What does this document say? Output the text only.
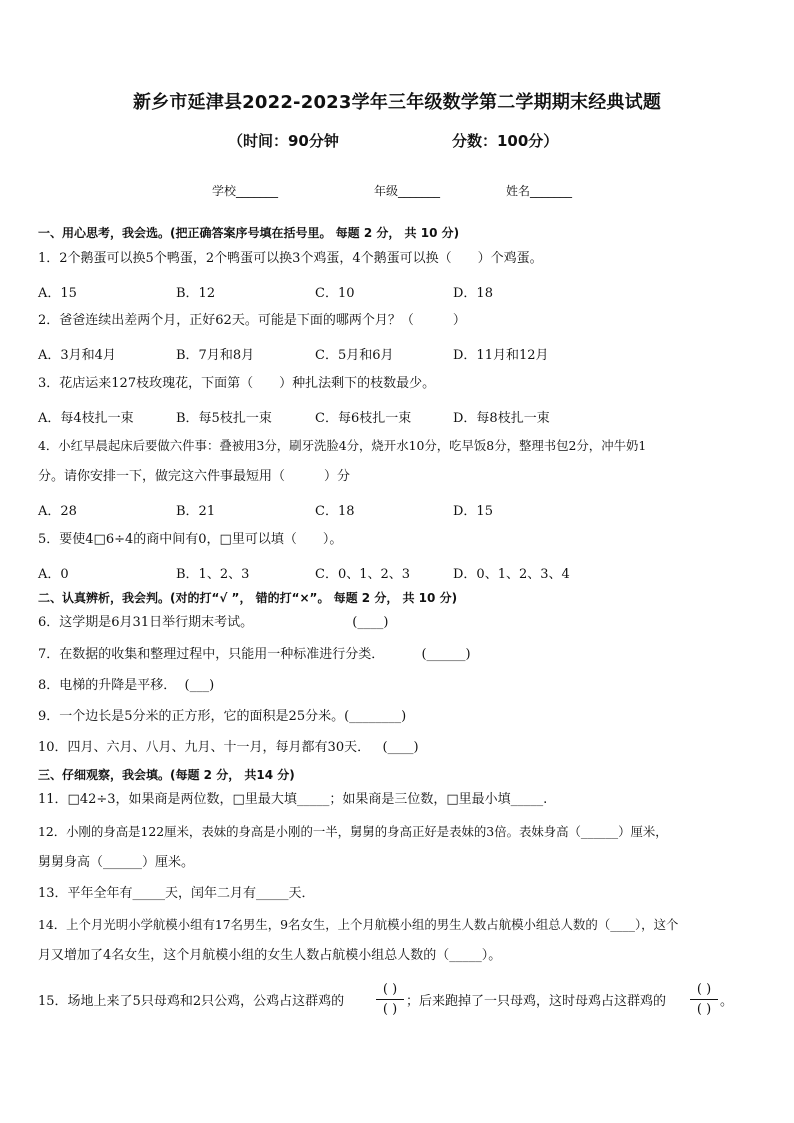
新乡市延津县2022-2023学年三年级数学第二学期期末经典试题
（时间：90分钟	分数：100分）
学校_______	年级_______	姓名_______
一、用心思考，我会选。(把正确答案序号填在括号里。 每题 2 分， 共 10 分)
1．2个鹅蛋可以换5个鸭蛋，2个鸭蛋可以换3个鸡蛋，4个鹅蛋可以换（　　）个鸡蛋。
A．15	B．12	C．10	D．18
2．爸爸连续出差两个月，正好62天。可能是下面的哪两个月？（　　　）
A．3月和4月	B．7月和8月	C．5月和6月	D．11月和12月
3．花店运来127枝玫瑰花，下面第（　　）种扎法剩下的枝数最少。
A．每4枝扎一束	B．每5枝扎一束	C．每6枝扎一束	D．每8枝扎一束
4．小红早晨起床后要做六件事：叠被用3分，刷牙洗脸4分，烧开水10分，吃早饭8分，整理书包2分，冲牛奶1
分。请你安排一下，做完这六件事最短用（　　　）分
A．28	B．21	C．18	D．15
5．要使4□6÷4的商中间有0，□里可以填（　　）。
A．0	B．1、2、3	C．0、1、2、3	D．0、1、2、3、4
二、认真辨析，我会判。(对的打“√ ”， 错的打“×”。 每题 2 分， 共 10 分)
6．这学期是6月31日举行期末考试。                        (____)
7．在数据的收集和整理过程中，只能用一种标准进行分类．         (______)
8．电梯的升降是平移．  (___)
9．一个边长是5分米的正方形，它的面积是25分米。(________)
10．四月、六月、八月、九月、十一月，每月都有30天．   (____)
三、仔细观察，我会填。(每题 2 分， 共14 分)
11．□42÷3，如果商是两位数，□里最大填_____；如果商是三位数，□里最小填_____.
12．小刚的身高是122厘米，表妹的身高是小刚的一半，舅舅的身高正好是表妹的3倍。表妹身高（______）厘米，
舅舅身高（______）厘米。
13．平年全年有_____天，闰年二月有_____天．
14．上个月光明小学航模小组有17名男生，9名女生，上个月航模小组的男生人数占航模小组总人数的（____），这个
月又增加了4名女生，这个月航模小组的女生人数占航模小组总人数的（_____）。
15．场地上来了5只母鸡和2只公鸡，公鸡占这群鸡的
( )
( )
；后来跑掉了一只母鸡，这时母鸡占这群鸡的
( )
( )
。
